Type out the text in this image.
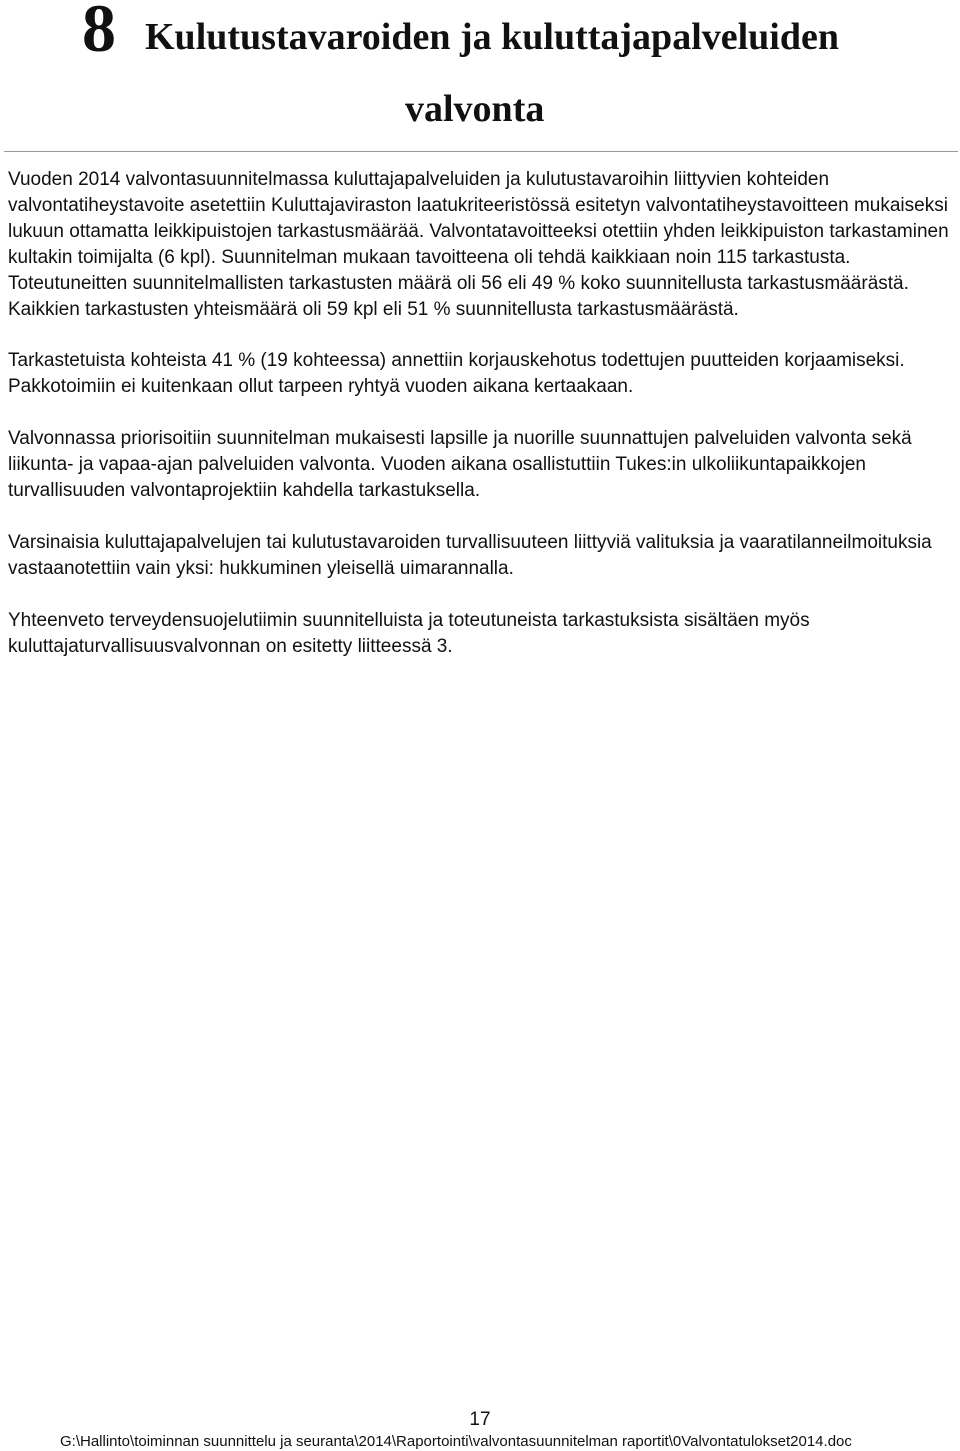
8 Kulutustavaroiden ja kuluttajapalveluiden
valvonta

Vuoden 2014 valvontasuunnitelmassa kuluttajapalveluiden ja kulutustavaroihin liittyvien kohteiden valvontatiheystavoite asetettiin Kuluttajaviraston laatukriteeristössä esitetyn valvontatiheystavoitteen mukaiseksi lukuun ottamatta leikkipuistojen tarkastusmäärää. Valvontatavoitteeksi otettiin yhden leikkipuiston tarkastaminen kultakin toimijalta (6 kpl). Suunnitelman mukaan tavoitteena oli tehdä kaikkiaan noin 115 tarkastusta. Toteutuneitten suunnitelmallisten tarkastusten määrä oli 56 eli 49 % koko suunnitellusta tarkastusmäärästä. Kaikkien tarkastusten yhteismäärä oli 59 kpl eli 51 % suunnitellusta tarkastusmäärästä.

Tarkastetuista kohteista 41 % (19 kohteessa) annettiin korjauskehotus todettujen puutteiden korjaamiseksi. Pakkotoimiin ei kuitenkaan ollut tarpeen ryhtyä vuoden aikana kertaakaan.

Valvonnassa priorisoitiin suunnitelman mukaisesti lapsille ja nuorille suunnattujen palveluiden valvonta sekä liikunta- ja vapaa-ajan palveluiden valvonta. Vuoden aikana osallistuttiin Tukes:in ulkoliikuntapaikkojen turvallisuuden valvontaprojektiin kahdella tarkastuksella.

Varsinaisia kuluttajapalvelujen tai kulutustavaroiden turvallisuuteen liittyviä valituksia ja vaaratilanneilmoituksia vastaanotettiin vain yksi: hukkuminen yleisellä uimarannalla.

Yhteenveto terveydensuojelutiimin suunnitelluista ja toteutuneista tarkastuksista sisältäen myös kuluttajaturvallisuusvalvonnan on esitetty liitteessä 3.

17

G:\Hallinto\toiminnan suunnittelu ja seuranta\2014\Raportointi\valvontasuunnitelman raportit\0Valvontatulokset2014.doc
